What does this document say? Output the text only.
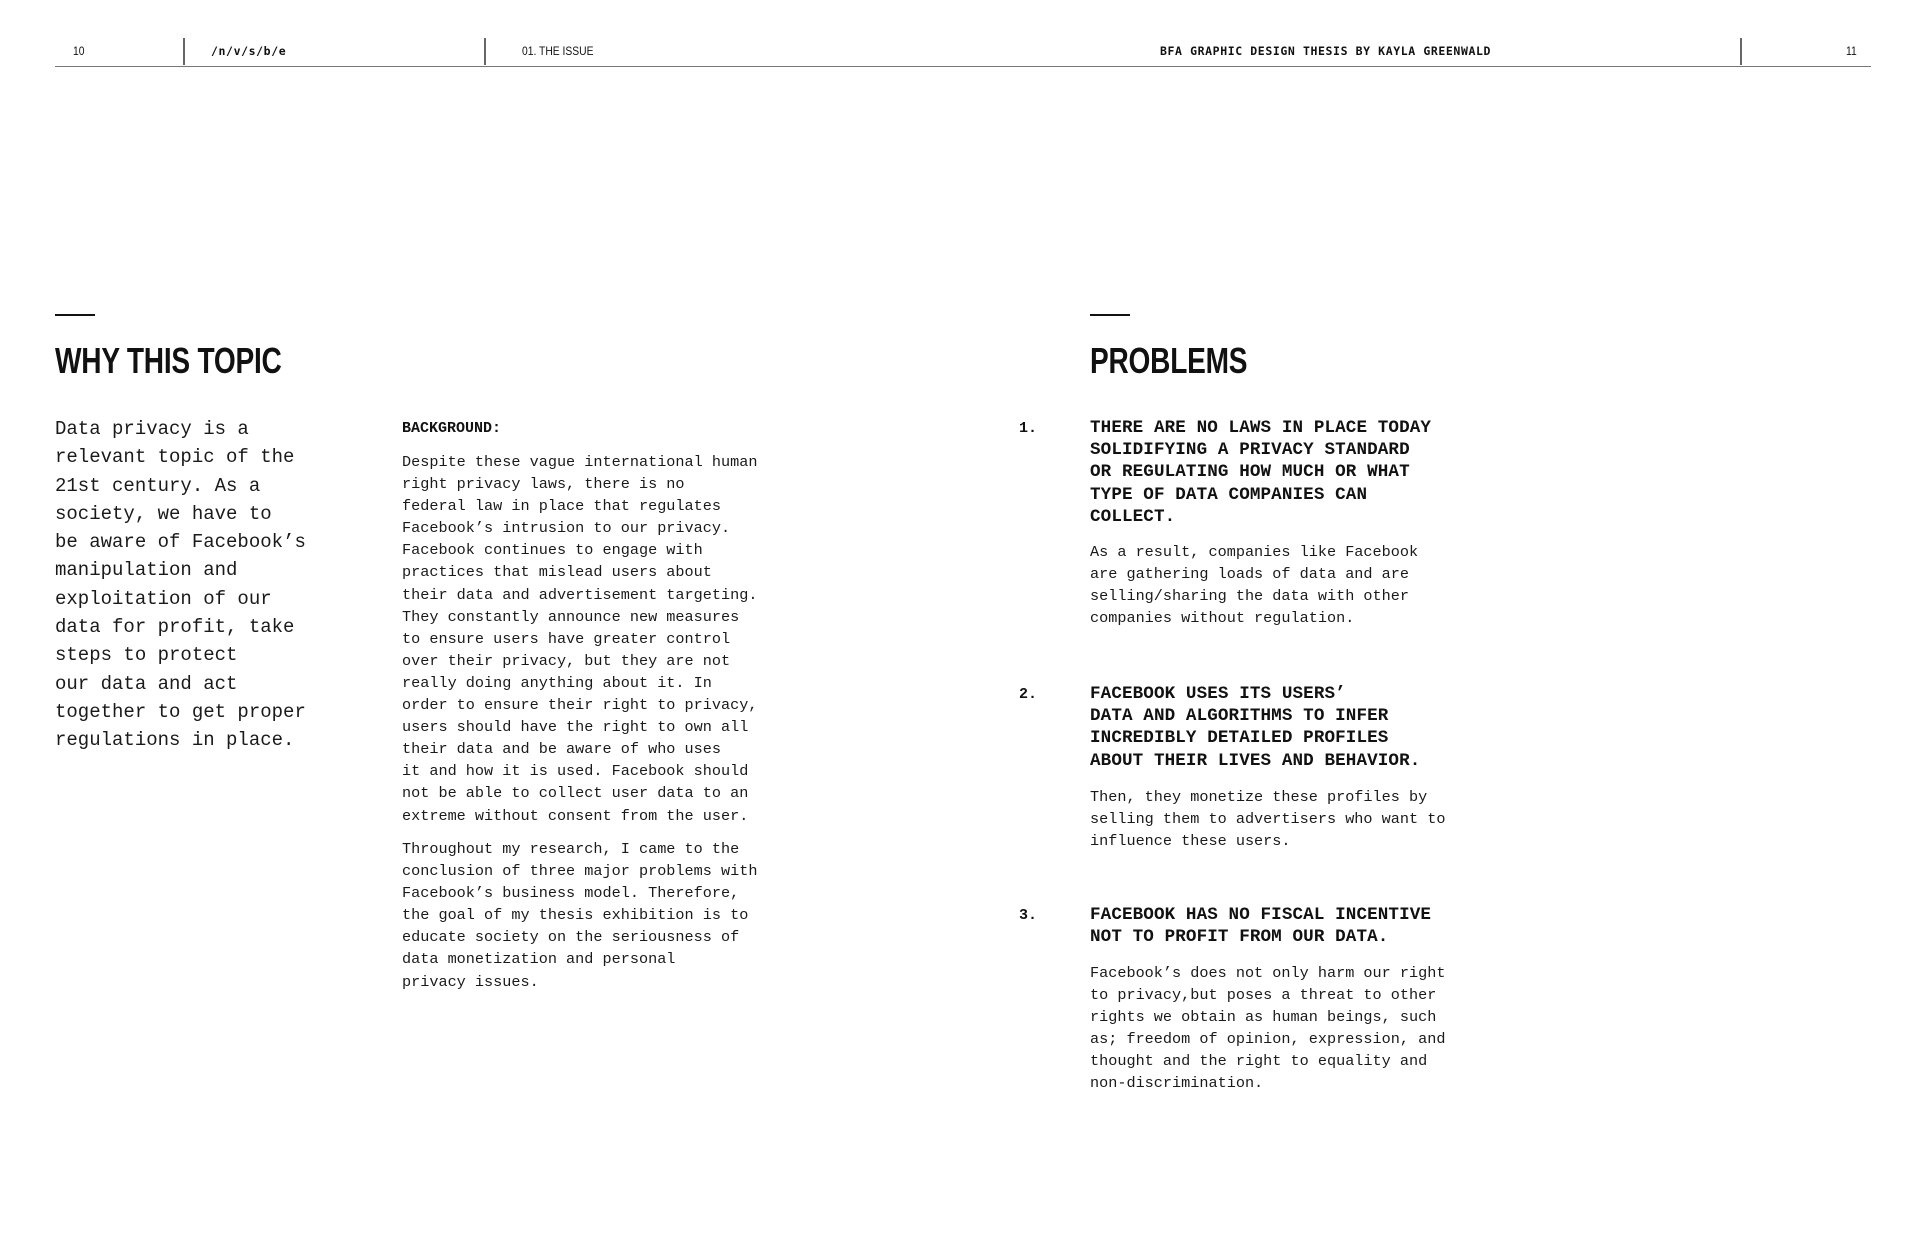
10	/n/v/s/b/e	01. THE ISSUE	BFA GRAPHIC DESIGN THESIS BY KAYLA GREENWALD	11
WHY THIS TOPIC

Data privacy is a
relevant topic of the
21st century. As a
society, we have to
be aware of Facebook’s
manipulation and
exploitation of our
data for profit, take
steps to protect
our data and act
together to get proper
regulations in place.

BACKGROUND:

Despite these vague international human
right privacy laws, there is no
federal law in place that regulates
Facebook’s intrusion to our privacy.
Facebook continues to engage with
practices that mislead users about
their data and advertisement targeting.
They constantly announce new measures
to ensure users have greater control
over their privacy, but they are not
really doing anything about it. In
order to ensure their right to privacy,
users should have the right to own all
their data and be aware of who uses
it and how it is used. Facebook should
not be able to collect user data to an
extreme without consent from the user.

Throughout my research, I came to the
conclusion of three major problems with
Facebook’s business model. Therefore,
the goal of my thesis exhibition is to
educate society on the seriousness of
data monetization and personal
privacy issues.

PROBLEMS

1.	THERE ARE NO LAWS IN PLACE TODAY
SOLIDIFYING A PRIVACY STANDARD
OR REGULATING HOW MUCH OR WHAT
TYPE OF DATA COMPANIES CAN
COLLECT.

As a result, companies like Facebook
are gathering loads of data and are
selling/sharing the data with other
companies without regulation.

2.	FACEBOOK USES ITS USERS’
DATA AND ALGORITHMS TO INFER
INCREDIBLY DETAILED PROFILES
ABOUT THEIR LIVES AND BEHAVIOR.

Then, they monetize these profiles by
selling them to advertisers who want to
influence these users.

3.	FACEBOOK HAS NO FISCAL INCENTIVE
NOT TO PROFIT FROM OUR DATA.

Facebook’s does not only harm our right
to privacy,but poses a threat to other
rights we obtain as human beings, such
as; freedom of opinion, expression, and
thought and the right to equality and
non-discrimination.
